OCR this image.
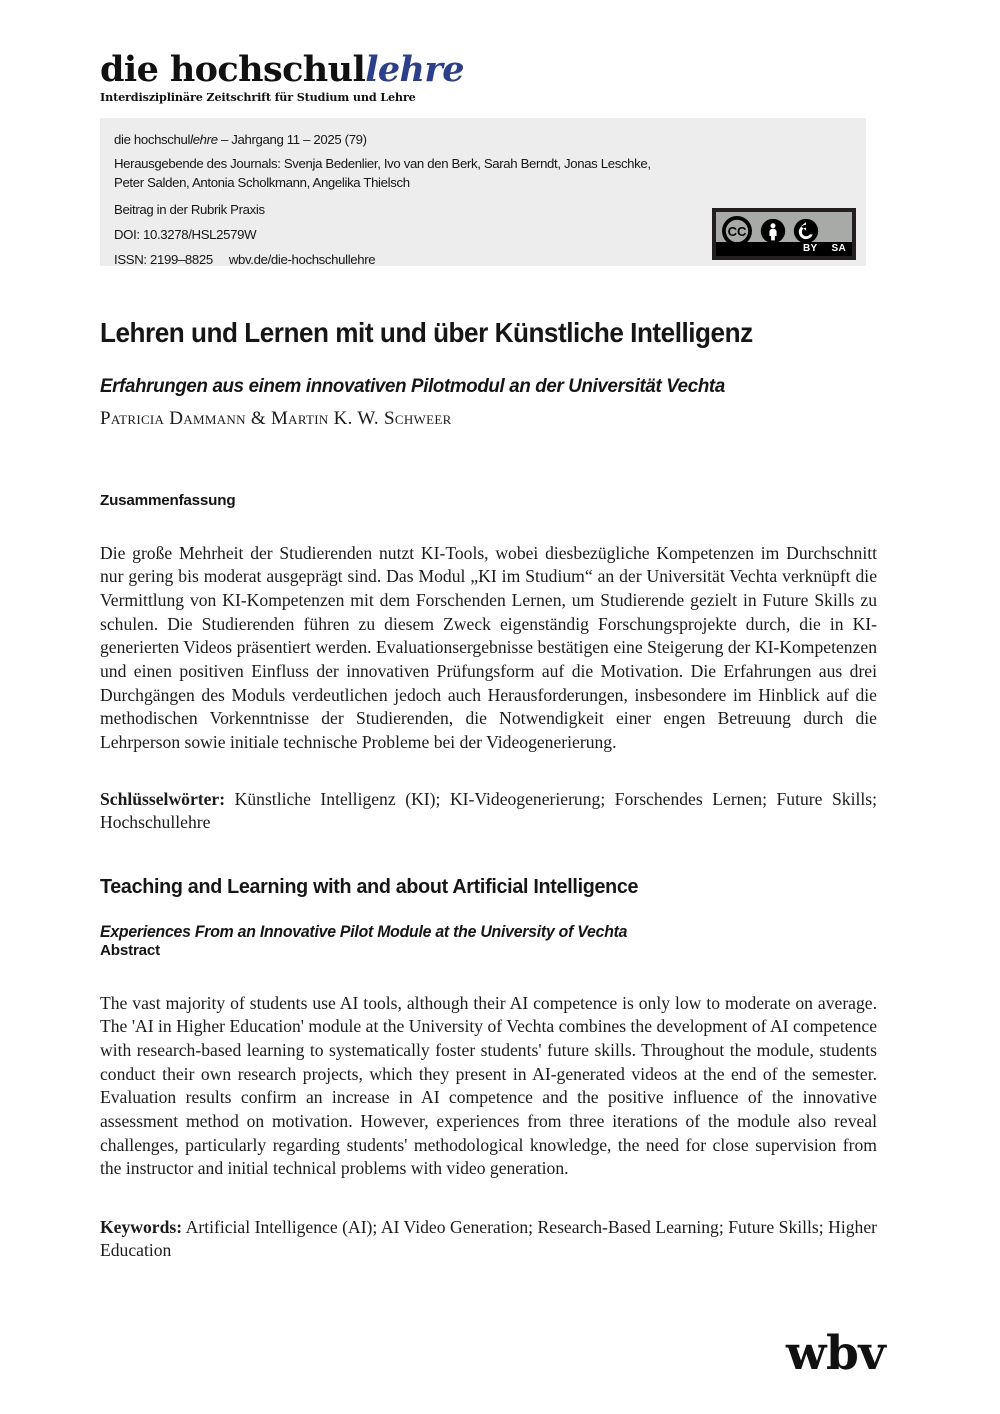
die hochschullehre
Interdisziplinäre Zeitschrift für Studium und Lehre
die hochschullehre – Jahrgang 11 – 2025 (79)
Herausgebende des Journals: Svenja Bedenlier, Ivo van den Berk, Sarah Berndt, Jonas Leschke,
Peter Salden, Antonia Scholkmann, Angelika Thielsch
Beitrag in der Rubrik Praxis
DOI: 10.3278/HSL2579W
ISSN: 2199–8825 wbv.de/die-hochschullehre
CC
BY SA
Lehren und Lernen mit und über Künstliche Intelligenz
Erfahrungen aus einem innovativen Pilotmodul an der Universität Vechta
Patricia Dammann & Martin K. W. Schweer
Zusammenfassung

Die große Mehrheit der Studierenden nutzt KI-Tools, wobei diesbezügliche Kompetenzen im Durchschnitt nur gering bis moderat ausgeprägt sind. Das Modul „KI im Studium“ an der Universität Vechta verknüpft die Vermittlung von KI-Kompetenzen mit dem Forschenden Lernen, um Studierende gezielt in Future Skills zu schulen. Die Studierenden führen zu diesem Zweck eigenständig Forschungsprojekte durch, die in KI-generierten Videos präsentiert werden. Evaluationsergebnisse bestätigen eine Steigerung der KI-Kompetenzen und einen positiven Einfluss der innovativen Prüfungsform auf die Motivation. Die Erfahrungen aus drei Durchgängen des Moduls verdeutlichen jedoch auch Herausforderungen, insbesondere im Hinblick auf die methodischen Vorkenntnisse der Studierenden, die Notwendigkeit einer engen Betreuung durch die Lehrperson sowie initiale technische Probleme bei der Videogenerierung.

Schlüsselwörter: Künstliche Intelligenz (KI); KI-Videogenerierung; Forschendes Lernen; Future Skills; Hochschullehre

Teaching and Learning with and about Artificial Intelligence
Experiences From an Innovative Pilot Module at the University of Vechta
Abstract

The vast majority of students use AI tools, although their AI competence is only low to moderate on average. The 'AI in Higher Education' module at the University of Vechta combines the development of AI competence with research-based learning to systematically foster students' future skills. Throughout the module, students conduct their own research projects, which they present in AI-generated videos at the end of the semester. Evaluation results confirm an increase in AI competence and the positive influence of the innovative assessment method on motivation. However, experiences from three iterations of the module also reveal challenges, particularly regarding students' methodological knowledge, the need for close supervision from the instructor and initial technical problems with video generation.

Keywords: Artificial Intelligence (AI); AI Video Generation; Research-Based Learning; Future Skills; Higher Education

wbv
